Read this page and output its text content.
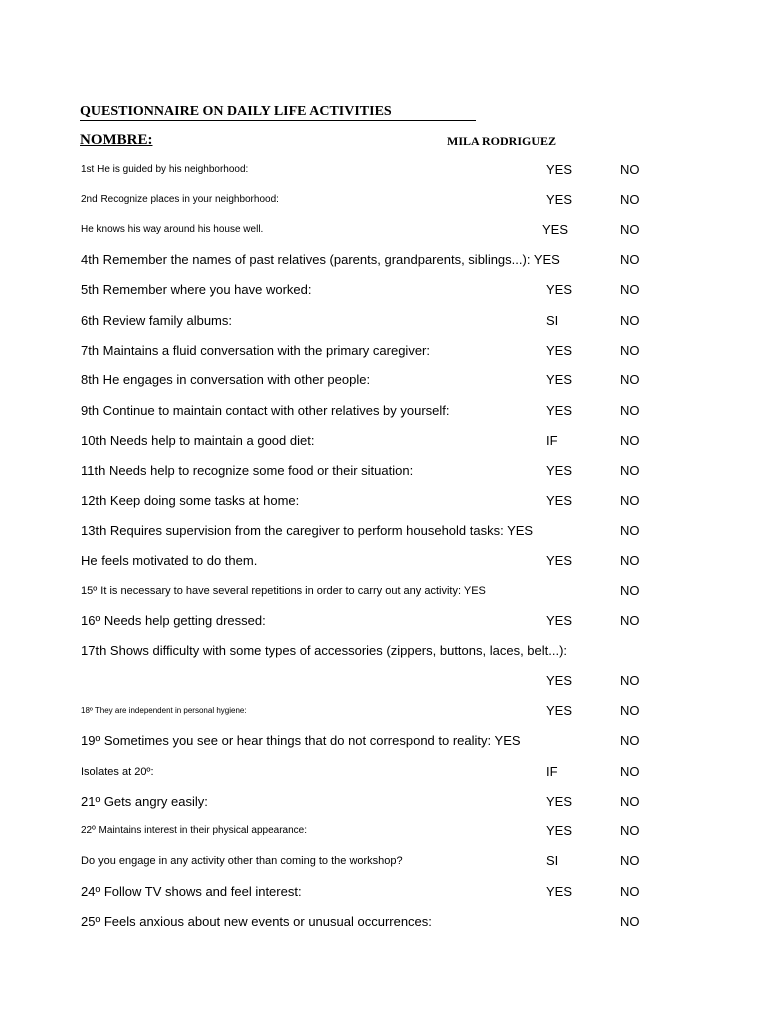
QUESTIONNAIRE ON DAILY LIFE ACTIVITIES
NOMBRE:	MILA RODRIGUEZ
1st He is guided by his neighborhood:	YES	NO
2nd Recognize places in your neighborhood:	YES	NO
He knows his way around his house well.	YES	NO
4th Remember the names of past relatives (parents, grandparents, siblings...): YES	NO
5th Remember where you have worked:	YES	NO
6th Review family albums:	SI	NO
7th Maintains a fluid conversation with the primary caregiver:	YES	NO
8th He engages in conversation with other people:	YES	NO
9th Continue to maintain contact with other relatives by yourself:	YES	NO
10th Needs help to maintain a good diet:	IF	NO
11th Needs help to recognize some food or their situation:	YES	NO
12th Keep doing some tasks at home:	YES	NO
13th Requires supervision from the caregiver to perform household tasks: YES	NO
He feels motivated to do them.	YES	NO
15º It is necessary to have several repetitions in order to carry out any activity: YES	NO
16º Needs help getting dressed:	YES	NO
17th Shows difficulty with some types of accessories (zippers, buttons, laces, belt...):
YES	NO
18º They are independent in personal hygiene:	YES	NO
19º Sometimes you see or hear things that do not correspond to reality: YES	NO
Isolates at 20º:	IF	NO
21º Gets angry easily:	YES	NO
22º Maintains interest in their physical appearance:	YES	NO
Do you engage in any activity other than coming to the workshop?	SI	NO
24º Follow TV shows and feel interest:	YES	NO
25º Feels anxious about new events or unusual occurrences:	NO
